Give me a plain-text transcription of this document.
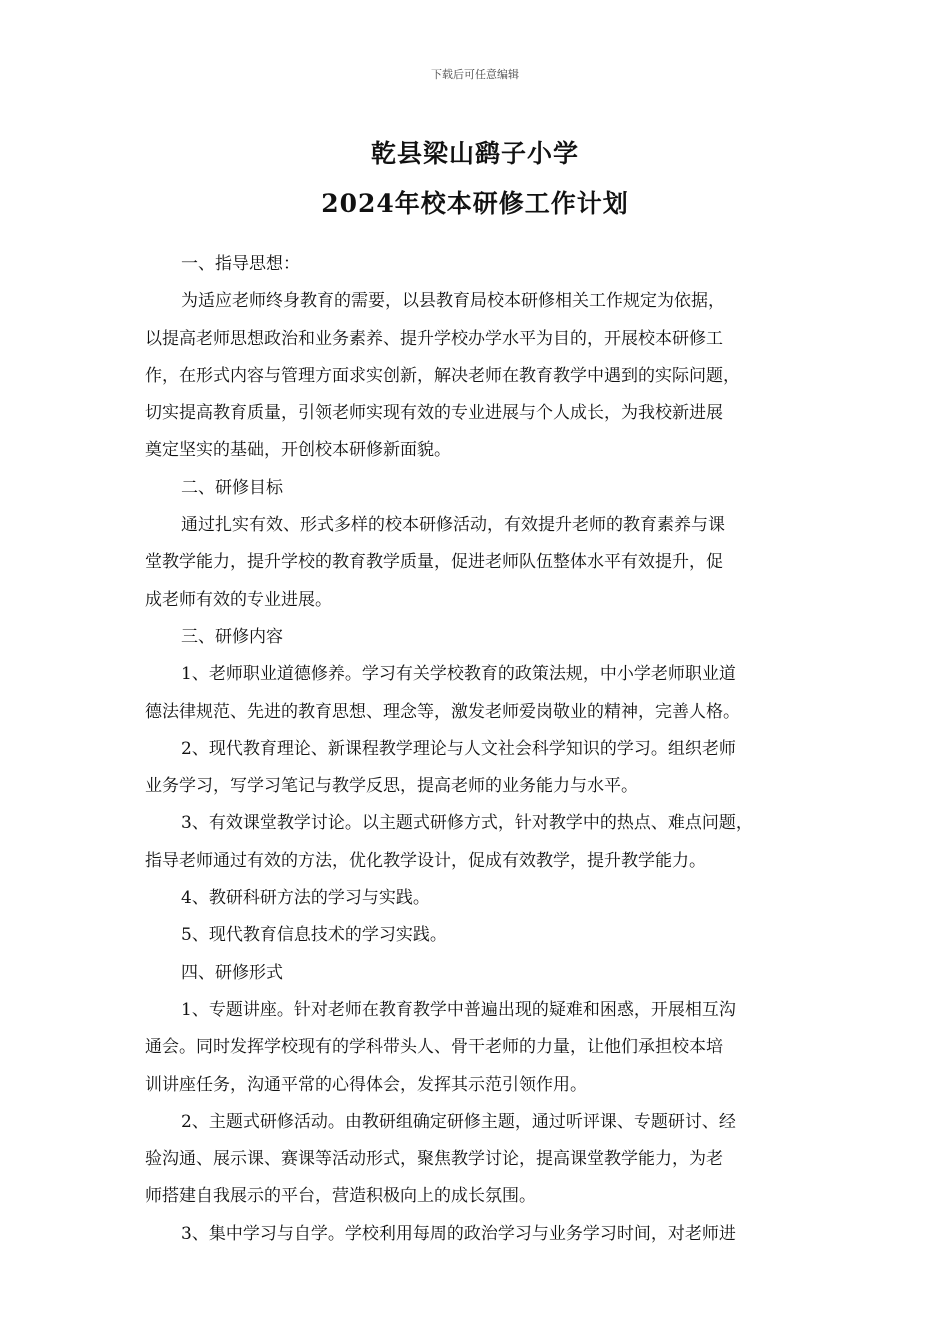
下载后可任意编辑
乾县梁山鹞子小学
2024年校本研修工作计划
一、指导思想：
为适应老师终身教育的需要，以县教育局校本研修相关工作规定为依据，
以提高老师思想政治和业务素养、提升学校办学水平为目的，开展校本研修工
作，在形式内容与管理方面求实创新，解决老师在教育教学中遇到的实际问题，
切实提高教育质量，引领老师实现有效的专业进展与个人成长，为我校新进展
奠定坚实的基础，开创校本研修新面貌。
二、研修目标
通过扎实有效、形式多样的校本研修活动，有效提升老师的教育素养与课
堂教学能力，提升学校的教育教学质量，促进老师队伍整体水平有效提升，促
成老师有效的专业进展。
三、研修内容
1、老师职业道德修养。学习有关学校教育的政策法规，中小学老师职业道
德法律规范、先进的教育思想、理念等，激发老师爱岗敬业的精神，完善人格。
2、现代教育理论、新课程教学理论与人文社会科学知识的学习。组织老师
业务学习，写学习笔记与教学反思，提高老师的业务能力与水平。
3、有效课堂教学讨论。以主题式研修方式，针对教学中的热点、难点问题，
指导老师通过有效的方法，优化教学设计，促成有效教学，提升教学能力。
4、教研科研方法的学习与实践。
5、现代教育信息技术的学习实践。
四、研修形式
1、专题讲座。针对老师在教育教学中普遍出现的疑难和困惑，开展相互沟
通会。同时发挥学校现有的学科带头人、骨干老师的力量，让他们承担校本培
训讲座任务，沟通平常的心得体会，发挥其示范引领作用。
2、主题式研修活动。由教研组确定研修主题，通过听评课、专题研讨、经
验沟通、展示课、赛课等活动形式，聚焦教学讨论，提高课堂教学能力，为老
师搭建自我展示的平台，营造积极向上的成长氛围。
3、集中学习与自学。学校利用每周的政治学习与业务学习时间，对老师进
